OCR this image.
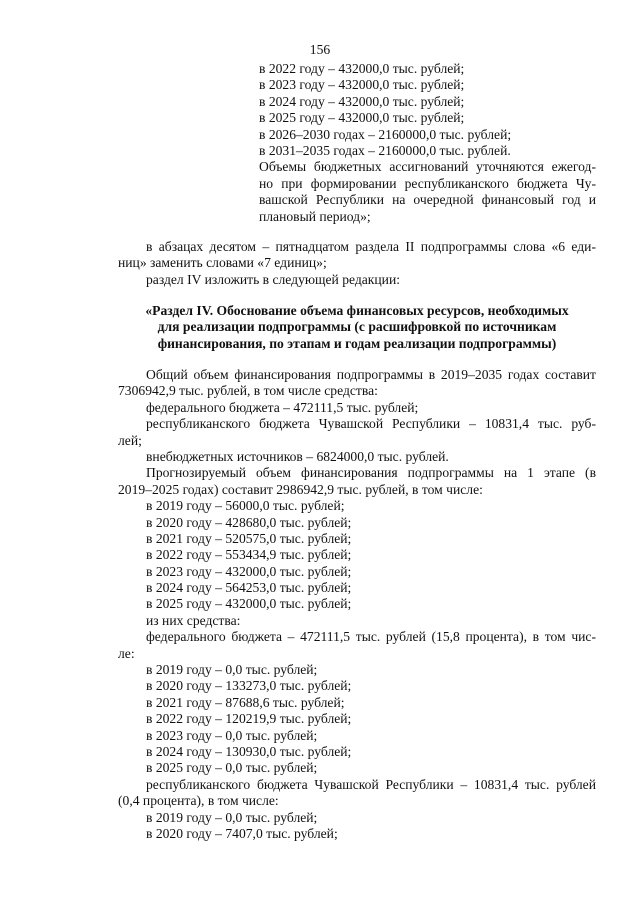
156
в 2022 году – 432000,0 тыс. рублей;
в 2023 году – 432000,0 тыс. рублей;
в 2024 году – 432000,0 тыс. рублей;
в 2025 году – 432000,0 тыс. рублей;
в 2026–2030 годах – 2160000,0 тыс. рублей;
в 2031–2035 годах – 2160000,0 тыс. рублей.
Объемы бюджетных ассигнований уточняются ежегод-
но при формировании республиканского бюджета Чу-
вашской Республики на очередной финансовый год и
плановый период»;
в абзацах десятом – пятнадцатом раздела II подпрограммы слова «6 еди-
ниц» заменить словами «7 единиц»;
раздел IV изложить в следующей редакции:
«Раздел IV. Обоснование объема финансовых ресурсов, необходимых
для реализации подпрограммы (с расшифровкой по источникам
финансирования, по этапам и годам реализации подпрограммы)
Общий объем финансирования подпрограммы в 2019–2035 годах составит
7306942,9 тыс. рублей, в том числе средства:
федерального бюджета – 472111,5 тыс. рублей;
республиканского бюджета Чувашской Республики – 10831,4 тыс. руб-
лей;
внебюджетных источников – 6824000,0 тыс. рублей.
Прогнозируемый объем финансирования подпрограммы на 1 этапе (в
2019–2025 годах) составит 2986942,9 тыс. рублей, в том числе:
в 2019 году – 56000,0 тыс. рублей;
в 2020 году – 428680,0 тыс. рублей;
в 2021 году – 520575,0 тыс. рублей;
в 2022 году – 553434,9 тыс. рублей;
в 2023 году – 432000,0 тыс. рублей;
в 2024 году – 564253,0 тыс. рублей;
в 2025 году – 432000,0 тыс. рублей;
из них средства:
федерального бюджета – 472111,5 тыс. рублей (15,8 процента), в том чис-
ле:
в 2019 году – 0,0 тыс. рублей;
в 2020 году – 133273,0 тыс. рублей;
в 2021 году – 87688,6 тыс. рублей;
в 2022 году – 120219,9 тыс. рублей;
в 2023 году – 0,0 тыс. рублей;
в 2024 году – 130930,0 тыс. рублей;
в 2025 году – 0,0 тыс. рублей;
республиканского бюджета Чувашской Республики – 10831,4 тыс. рублей
(0,4 процента), в том числе:
в 2019 году – 0,0 тыс. рублей;
в 2020 году – 7407,0 тыс. рублей;
